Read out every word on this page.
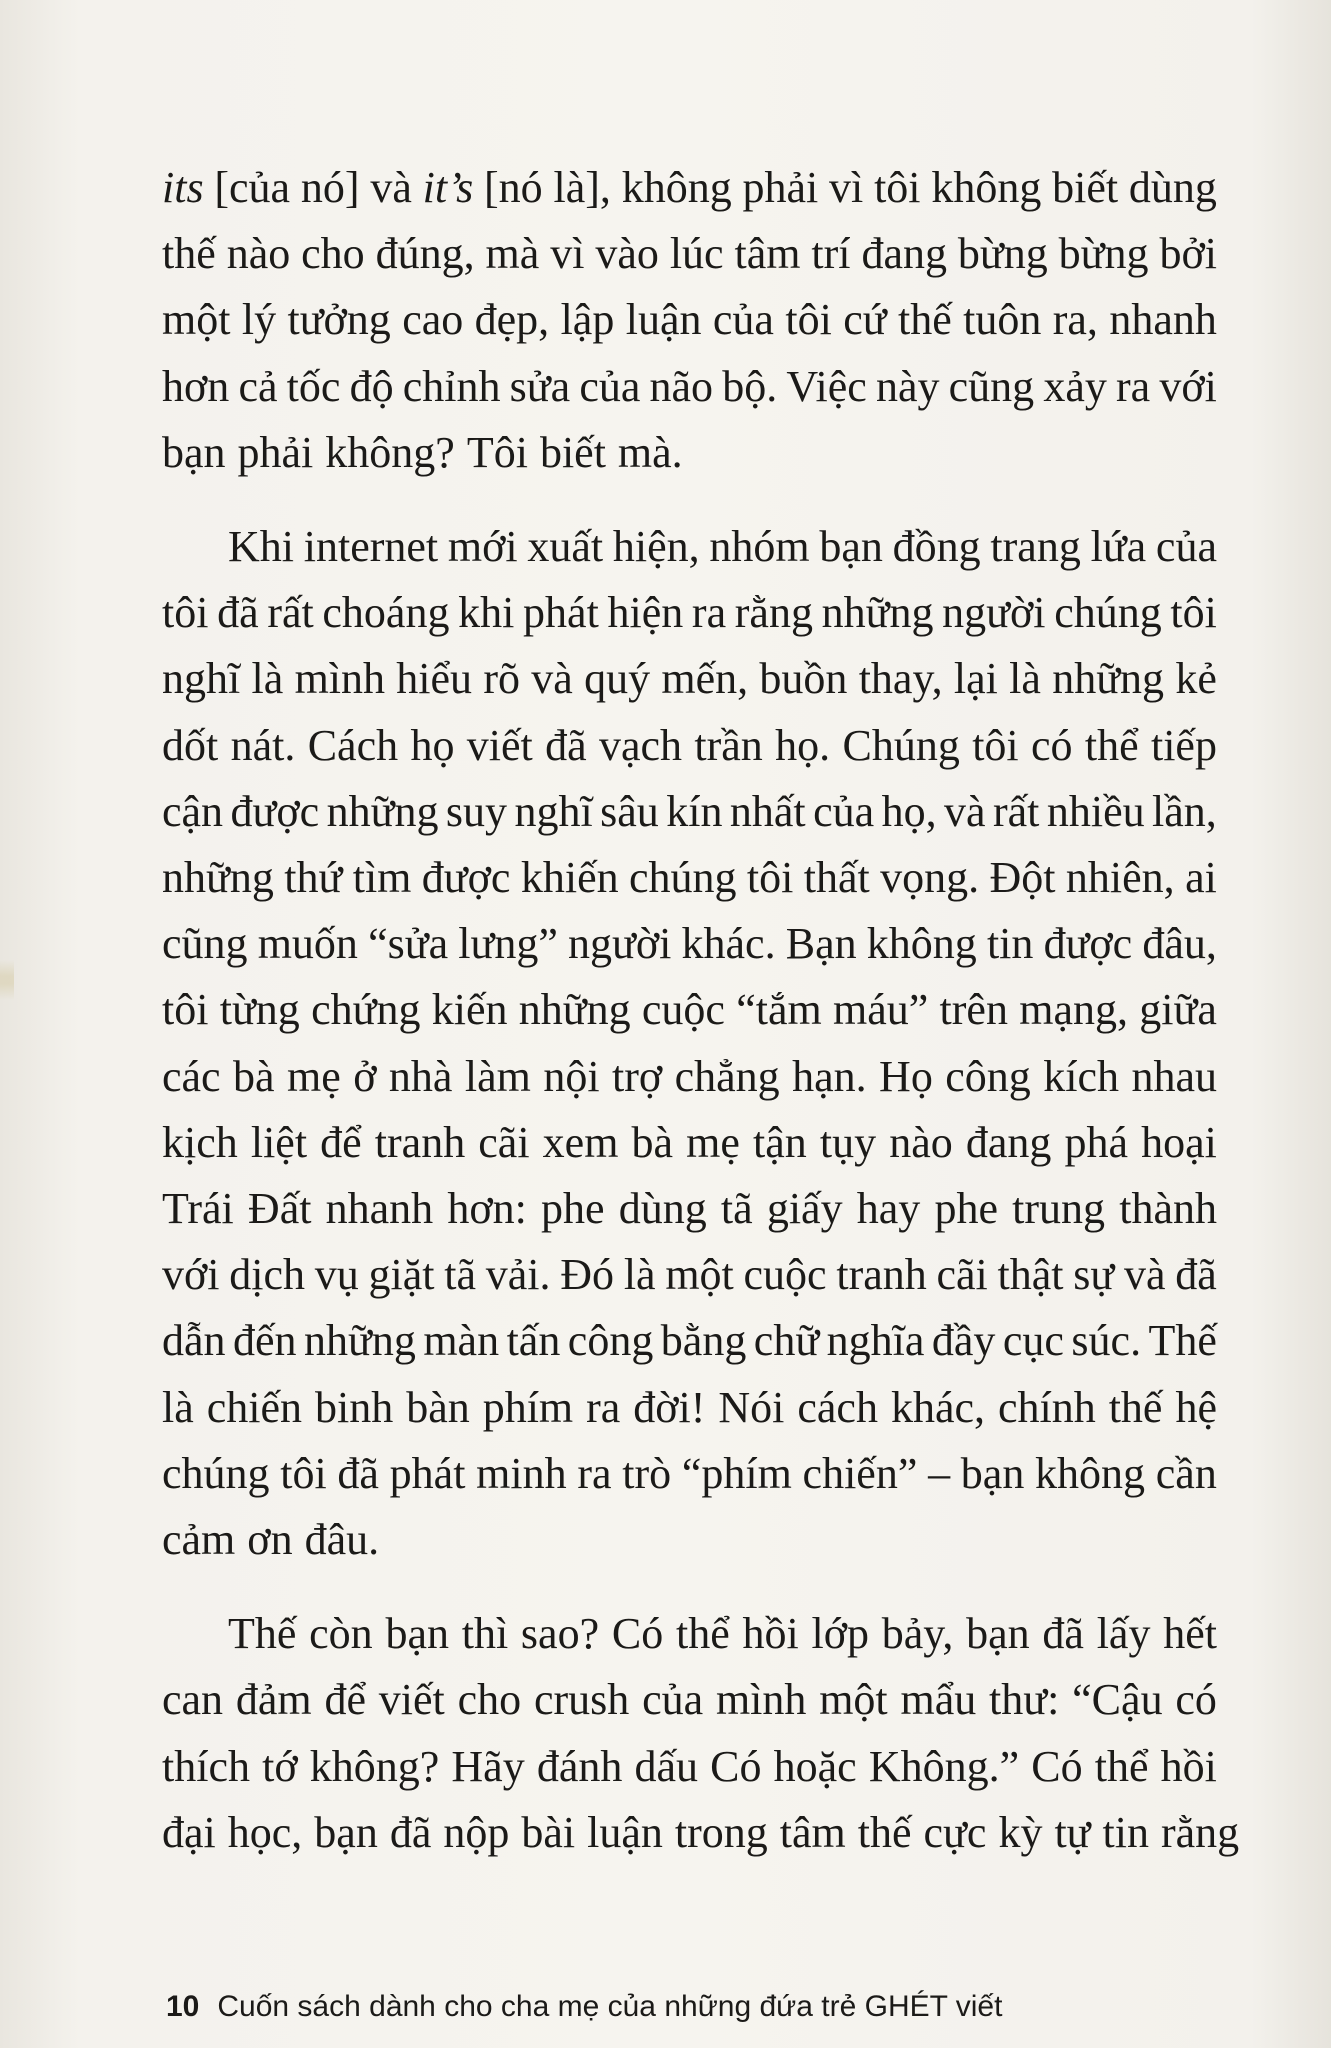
its [của nó] và it’s [nó là], không phải vì tôi không biết dùng
thế nào cho đúng, mà vì vào lúc tâm trí đang bừng bừng bởi
một lý tưởng cao đẹp, lập luận của tôi cứ thế tuôn ra, nhanh
hơn cả tốc độ chỉnh sửa của não bộ. Việc này cũng xảy ra với
bạn phải không? Tôi biết mà.
Khi internet mới xuất hiện, nhóm bạn đồng trang lứa của
tôi đã rất choáng khi phát hiện ra rằng những người chúng tôi
nghĩ là mình hiểu rõ và quý mến, buồn thay, lại là những kẻ
dốt nát. Cách họ viết đã vạch trần họ. Chúng tôi có thể tiếp
cận được những suy nghĩ sâu kín nhất của họ, và rất nhiều lần,
những thứ tìm được khiến chúng tôi thất vọng. Đột nhiên, ai
cũng muốn “sửa lưng” người khác. Bạn không tin được đâu,
tôi từng chứng kiến những cuộc “tắm máu” trên mạng, giữa
các bà mẹ ở nhà làm nội trợ chẳng hạn. Họ công kích nhau
kịch liệt để tranh cãi xem bà mẹ tận tụy nào đang phá hoại
Trái Đất nhanh hơn: phe dùng tã giấy hay phe trung thành
với dịch vụ giặt tã vải. Đó là một cuộc tranh cãi thật sự và đã
dẫn đến những màn tấn công bằng chữ nghĩa đầy cục súc. Thế
là chiến binh bàn phím ra đời! Nói cách khác, chính thế hệ
chúng tôi đã phát minh ra trò “phím chiến” – bạn không cần
cảm ơn đâu.
Thế còn bạn thì sao? Có thể hồi lớp bảy, bạn đã lấy hết
can đảm để viết cho crush của mình một mẩu thư: “Cậu có
thích tớ không? Hãy đánh dấu Có hoặc Không.” Có thể hồi
đại học, bạn đã nộp bài luận trong tâm thế cực kỳ tự tin rằng
10 Cuốn sách dành cho cha mẹ của những đứa trẻ GHÉT viết
